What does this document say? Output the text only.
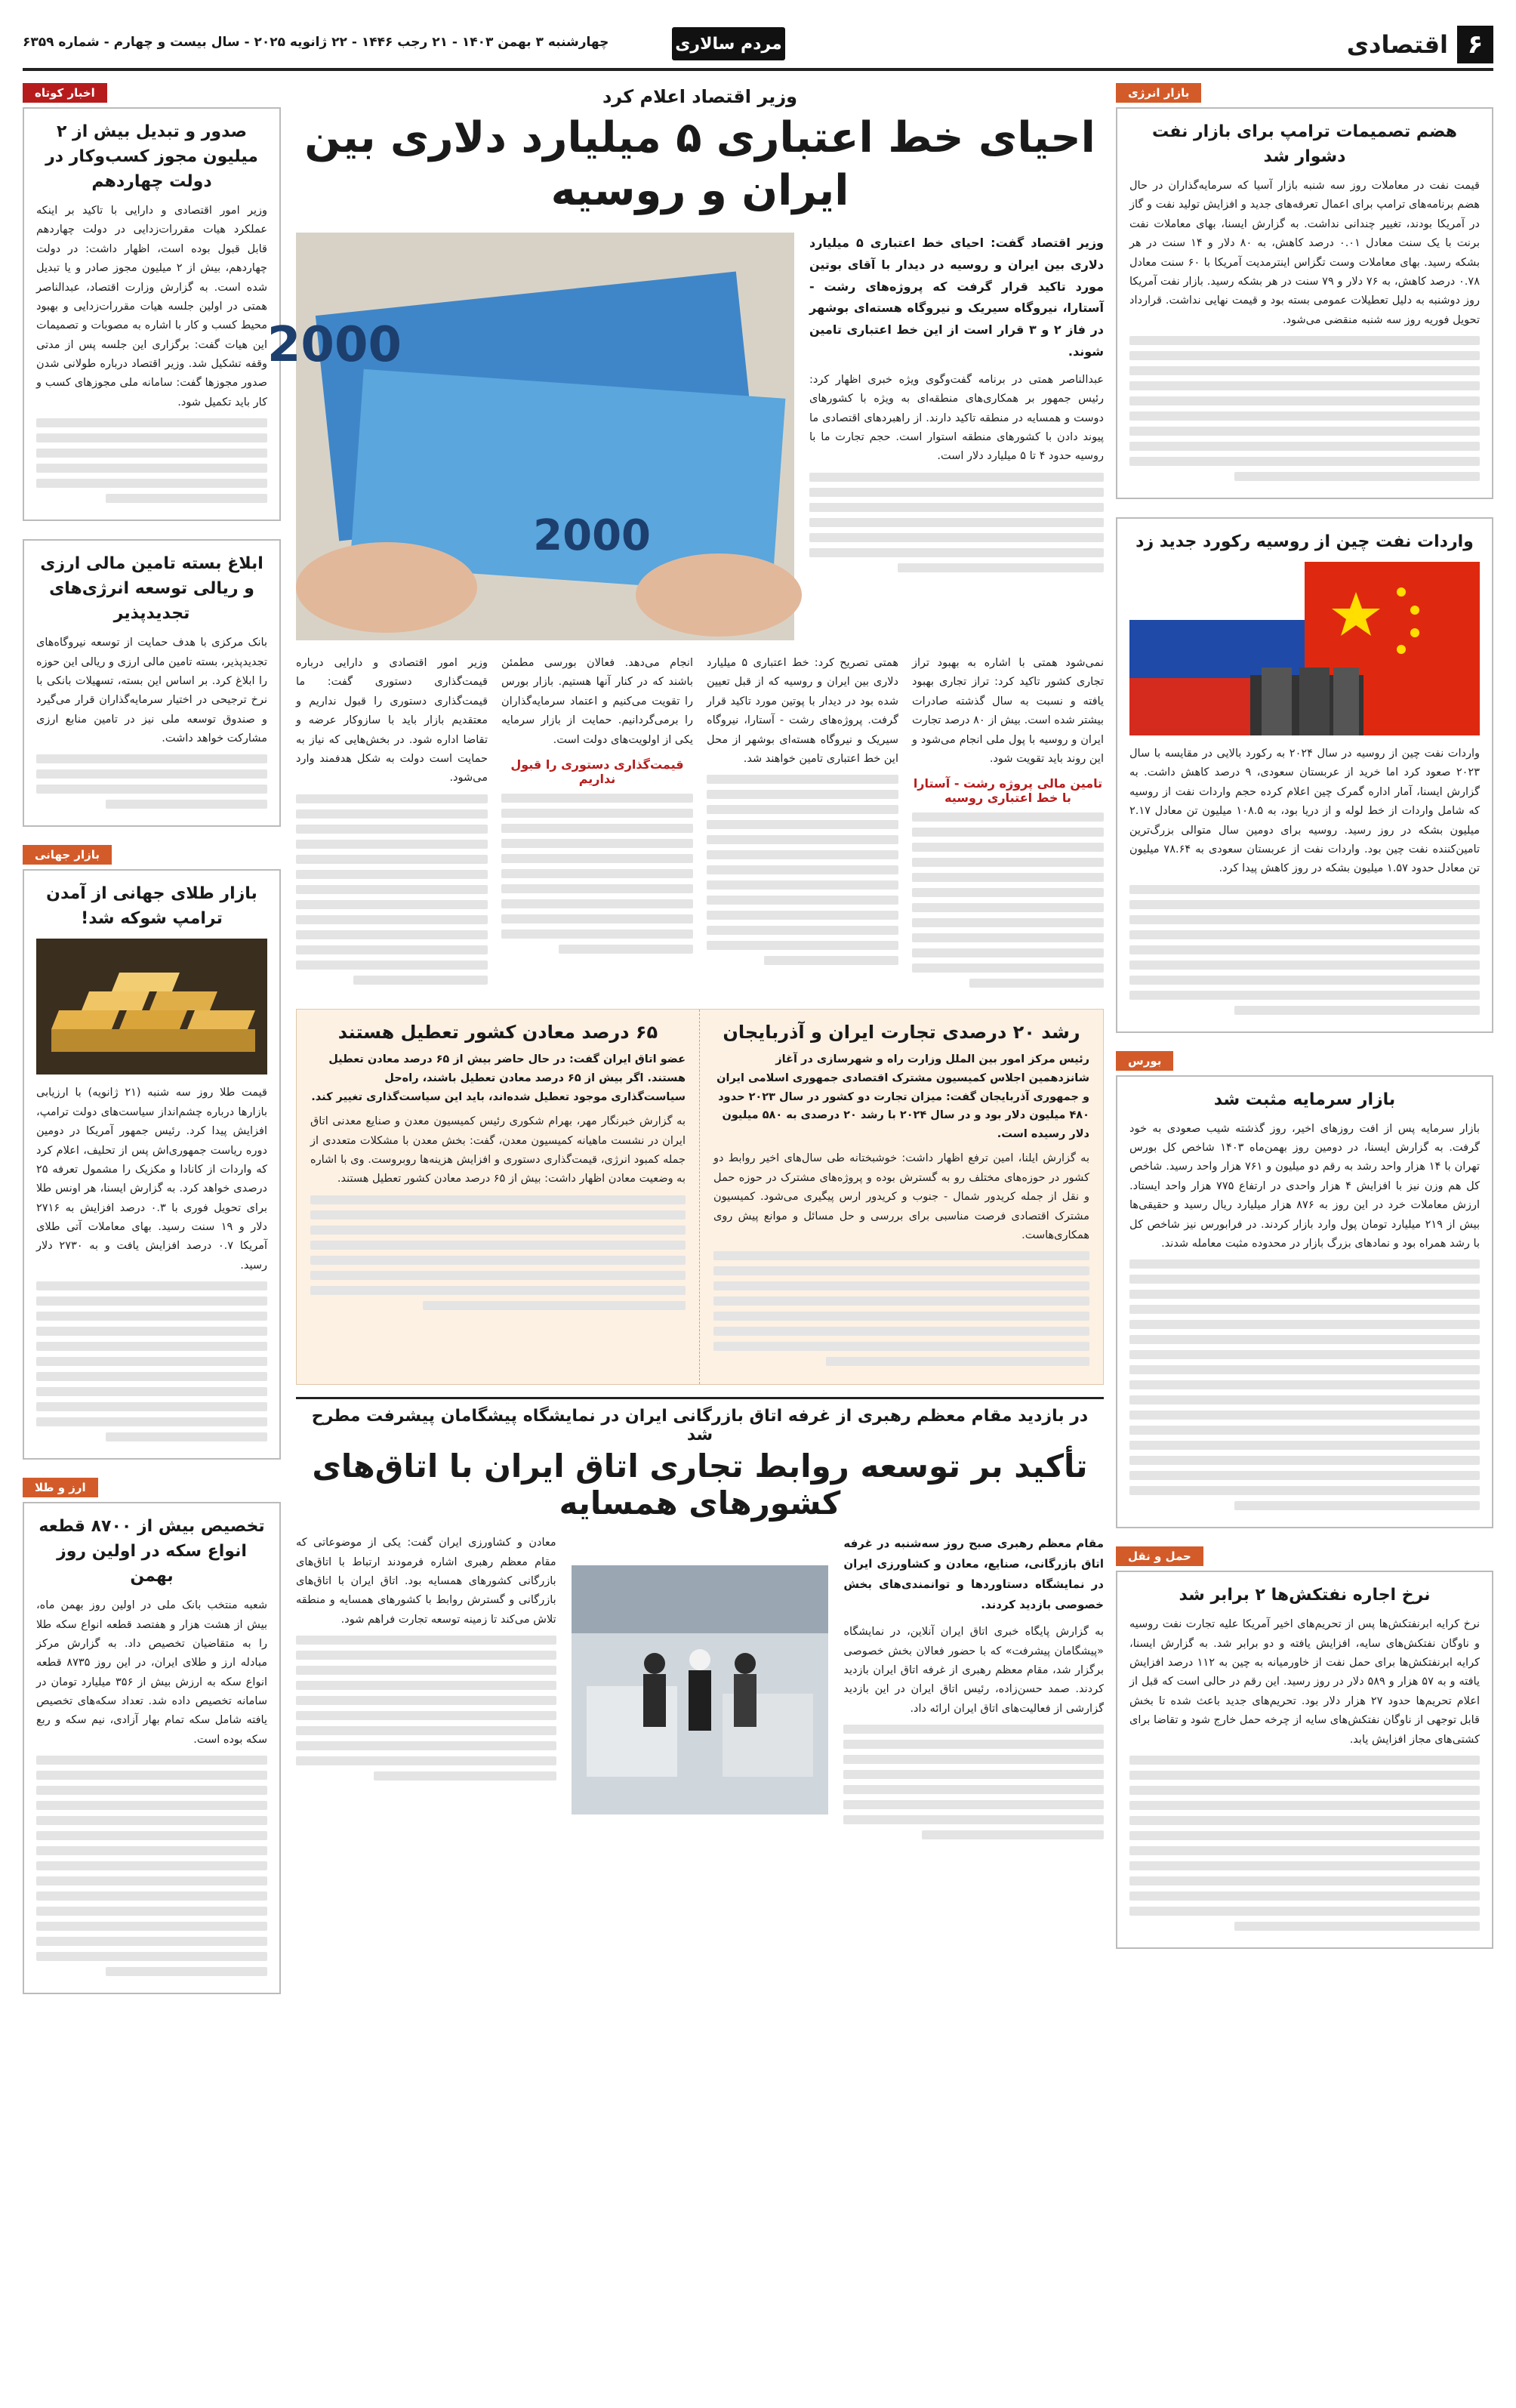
۶
اقتصادی
مردم سالاری
چهارشنبه ۳ بهمن ۱۴۰۳ - ۲۱ رجب ۱۴۴۶ - ۲۲ ژانویه ۲۰۲۵ - سال بیست و چهارم - شماره ۶۳۵۹
بازار انرژی
هضم تصمیمات ترامپ برای بازار نفت دشوار شد
قیمت نفت در معاملات روز سه شنبه بازار آسیا که سرمایه‌گذاران در حال هضم برنامه‌های ترامپ برای اعمال تعرفه‌های جدید و افزایش تولید نفت و گاز در آمریکا بودند، تغییر چندانی نداشت. به گزارش ایسنا، بهای معاملات نفت برنت با یک سنت معادل ۰.۰۱ درصد کاهش، به ۸۰ دلار و ۱۴ سنت در هر بشکه رسید. بهای معاملات وست تگزاس اینترمدیت آمریکا با ۶۰ سنت معادل ۰.۷۸ درصد کاهش، به ۷۶ دلار و ۷۹ سنت در هر بشکه رسید. بازار نفت آمریکا روز دوشنبه به دلیل تعطیلات عمومی بسته بود و قیمت نهایی نداشت. قرارداد تحویل فوریه روز سه شنبه منقضی می‌شود.
واردات نفت چین از روسیه رکورد جدید زد
واردات نفت چین از روسیه در سال ۲۰۲۴ به رکورد بالایی در مقایسه با سال ۲۰۲۳ صعود کرد اما خرید از عربستان سعودی، ۹ درصد کاهش داشت. به گزارش ایسنا، آمار اداره گمرک چین اعلام کرده حجم واردات نفت از روسیه که شامل واردات از خط لوله و از دریا بود، به ۱۰۸.۵ میلیون تن معادل ۲.۱۷ میلیون بشکه در روز رسید. روسیه برای دومین سال متوالی بزرگ‌ترین تامین‌کننده نفت چین بود. واردات نفت از عربستان سعودی به ۷۸.۶۴ میلیون تن معادل حدود ۱.۵۷ میلیون بشکه در روز کاهش پیدا کرد.
بورس
بازار سرمایه مثبت شد
بازار سرمایه پس از افت روزهای اخیر، روز گذشته شیب صعودی به خود گرفت. به گزارش ایسنا، در دومین روز بهمن‌ماه ۱۴۰۳ شاخص کل بورس تهران با ۱۴ هزار واحد رشد به رقم دو میلیون و ۷۶۱ هزار واحد رسید. شاخص کل هم وزن نیز با افزایش ۴ هزار واحدی در ارتفاع ۷۷۵ هزار واحد ایستاد. ارزش معاملات خرد در این روز به ۸۷۶ هزار میلیارد ریال رسید و حقیقی‌ها بیش از ۲۱۹ میلیارد تومان پول وارد بازار کردند. در فرابورس نیز شاخص کل با رشد همراه بود و نمادهای بزرگ بازار در محدوده مثبت معامله شدند.
حمل و نقل
نرخ اجاره نفتکش‌ها ۲ برابر شد
نرخ کرایه ابرنفتکش‌ها پس از تحریم‌های اخیر آمریکا علیه تجارت نفت روسیه و ناوگان نفتکش‌های سایه، افزایش یافته و دو برابر شد. به گزارش ایسنا، کرایه ابرنفتکش‌ها برای حمل نفت از خاورمیانه به چین به ۱۱۲ درصد افزایش یافته و به ۵۷ هزار و ۵۸۹ دلار در روز رسید. این رقم در حالی است که قبل از اعلام تحریم‌ها حدود ۲۷ هزار دلار بود. تحریم‌های جدید باعث شده تا بخش قابل توجهی از ناوگان نفتکش‌های سایه از چرخه حمل خارج شود و تقاضا برای کشتی‌های مجاز افزایش یابد.
اخبار کوتاه
صدور و تبدیل بیش از ۲ میلیون مجوز کسب‌وکار در دولت چهاردهم
وزیر امور اقتصادی و دارایی با تاکید بر اینکه عملکرد هیات مقررات‌زدایی در دولت چهاردهم قابل قبول بوده است، اظهار داشت: در دولت چهاردهم، بیش از ۲ میلیون مجوز صادر و یا تبدیل شده است. به گزارش وزارت اقتصاد، عبدالناصر همتی در اولین جلسه هیات مقررات‌زدایی و بهبود محیط کسب و کار با اشاره به مصوبات و تصمیمات این هیات گفت: برگزاری این جلسه پس از مدتی وقفه تشکیل شد. وزیر اقتصاد درباره طولانی شدن صدور مجوزها گفت: سامانه ملی مجوزهای کسب و کار باید تکمیل شود.
ابلاغ بسته تامین مالی ارزی و ریالی توسعه انرژی‌های تجدیدپذیر
بانک مرکزی با هدف حمایت از توسعه نیروگاه‌های تجدیدپذیر، بسته تامین مالی ارزی و ریالی این حوزه را ابلاغ کرد. بر اساس این بسته، تسهیلات بانکی با نرخ ترجیحی در اختیار سرمایه‌گذاران قرار می‌گیرد و صندوق توسعه ملی نیز در تامین منابع ارزی مشارکت خواهد داشت.
بازار جهانی
بازار طلای جهانی از آمدن ترامپ شوکه شد!
قیمت طلا روز سه شنبه (۲۱ ژانویه) با ارزیابی بازارها درباره چشم‌انداز سیاست‌های دولت ترامپ، افزایش پیدا کرد. رئیس جمهور آمریکا در دومین دوره ریاست جمهوری‌اش پس از تحلیف، اعلام کرد که واردات از کانادا و مکزیک را مشمول تعرفه ۲۵ درصدی خواهد کرد. به گزارش ایسنا، هر اونس طلا برای تحویل فوری با ۰.۳ درصد افزایش به ۲۷۱۶ دلار و ۱۹ سنت رسید. بهای معاملات آتی طلای آمریکا ۰.۷ درصد افزایش یافت و به ۲۷۳۰ دلار رسید.
ارز و طلا
تخصیص بیش از ۸۷۰۰ قطعه انواع سکه در اولین روز بهمن
شعبه منتخب بانک ملی در اولین روز بهمن ماه، بیش از هشت هزار و هفتصد قطعه انواع سکه طلا را به متقاضیان تخصیص داد. به گزارش مرکز مبادله ارز و طلای ایران، در این روز ۸۷۳۵ قطعه انواع سکه به ارزش بیش از ۳۵۶ میلیارد تومان در سامانه تخصیص داده شد. تعداد سکه‌های تخصیص یافته شامل سکه تمام بهار آزادی، نیم سکه و ربع سکه بوده است.
وزیر اقتصاد اعلام کرد
احیای خط اعتباری ۵ میلیارد دلاری بین ایران و روسیه
وزیر اقتصاد گفت: احیای خط اعتباری ۵ میلیارد دلاری بین ایران و روسیه در دیدار با آقای بوتین مورد تاکید قرار گرفت که پروژه‌های رشت - آستارا، نیروگاه سیریک و نیروگاه هسته‌ای بوشهر در فاز ۲ و ۳ قرار است از این خط اعتباری تامین شوند.
عبدالناصر همتی در برنامه گفت‌وگوی ویژه خبری اظهار کرد: رئیس جمهور بر همکاری‌های منطقه‌ای به ویژه با کشورهای دوست و همسایه در منطقه تاکید دارند. از راهبردهای اقتصادی ما پیوند دادن با کشورهای منطقه استوار است. حجم تجارت ما با روسیه حدود ۴ تا ۵ میلیارد دلار است.
2000
2000
نمی‌شود همتی با اشاره به بهبود تراز تجاری کشور تاکید کرد: تراز تجاری بهبود یافته و نسبت به سال گذشته صادرات بیشتر شده است. بیش از ۸۰ درصد تجارت ایران و روسیه با پول ملی انجام می‌شود و این روند باید تقویت شود.
تامین مالی پروژه رشت - آستارا با خط اعتباری روسیه
همتی تصریح کرد: خط اعتباری ۵ میلیارد دلاری بین ایران و روسیه که از قبل تعیین شده بود در دیدار با پوتین مورد تاکید قرار گرفت. پروژه‌های رشت - آستارا، نیروگاه سیریک و نیروگاه هسته‌ای بوشهر از محل این خط اعتباری تامین خواهند شد.
انجام می‌دهد. فعالان بورسی مطمئن باشند که در کنار آنها هستیم. بازار بورس را تقویت می‌کنیم و اعتماد سرمایه‌گذاران را برمی‌گردانیم. حمایت از بازار سرمایه یکی از اولویت‌های دولت است.
قیمت‌گذاری دستوری را قبول نداریم
وزیر امور اقتصادی و دارایی درباره قیمت‌گذاری دستوری گفت: ما قیمت‌گذاری دستوری را قبول نداریم و معتقدیم بازار باید با سازوکار عرضه و تقاضا اداره شود. در بخش‌هایی که نیاز به حمایت است دولت به شکل هدفمند وارد می‌شود.
رشد ۲۰ درصدی تجارت ایران و آذربایجان
رئیس مرکز امور بین الملل وزارت راه و شهرسازی در آغاز شانزدهمین اجلاس کمیسیون مشترک اقتصادی جمهوری اسلامی ایران و جمهوری آذربایجان گفت: میزان تجارت دو کشور در سال ۲۰۲۳ حدود ۴۸۰ میلیون دلار بود و در سال ۲۰۲۴ با رشد ۲۰ درصدی به ۵۸۰ میلیون دلار رسیده است.
به گزارش ایلنا، امین ترفع اظهار داشت: خوشبختانه طی سال‌های اخیر روابط دو کشور در حوزه‌های مختلف رو به گسترش بوده و پروژه‌های مشترک در حوزه حمل و نقل از جمله کریدور شمال - جنوب و کریدور ارس پیگیری می‌شود. کمیسیون مشترک اقتصادی فرصت مناسبی برای بررسی و حل مسائل و موانع پیش روی همکاری‌هاست.
۶۵ درصد معادن کشور تعطیل هستند
عضو اتاق ایران گفت: در حال حاضر بیش از ۶۵ درصد معادن تعطیل هستند. اگر بیش از ۶۵ درصد معادن تعطیل باشند، راه‌حل سیاست‌گذاری موجود تعطیل شده‌اند، باید این سیاست‌گذاری تغییر کند.
به گزارش خبرنگار مهر، بهرام شکوری رئیس کمیسیون معدن و صنایع معدنی اتاق ایران در نشست ماهیانه کمیسیون معدن، گفت: بخش معدن با مشکلات متعددی از جمله کمبود انرژی، قیمت‌گذاری دستوری و افزایش هزینه‌ها روبروست. وی با اشاره به وضعیت معادن اظهار داشت: بیش از ۶۵ درصد معادن کشور تعطیل هستند.
در بازدید مقام معظم رهبری از غرفه اتاق بازرگانی ایران در نمایشگاه پیشگامان پیشرفت مطرح شد
تأکید بر توسعه روابط تجاری اتاق ایران با اتاق‌های کشورهای همسایه
مقام معظم رهبری صبح روز سه‌شنبه در غرفه اتاق بازرگانی، صنایع، معادن و کشاورزی ایران در نمایشگاه دستاوردها و توانمندی‌های بخش خصوصی بازدید کردند.
به گزارش پایگاه خبری اتاق ایران آنلاین، در نمایشگاه «پیشگامان پیشرفت» که با حضور فعالان بخش خصوصی برگزار شد، مقام معظم رهبری از غرفه اتاق ایران بازدید کردند. صمد حسن‌زاده، رئیس اتاق ایران در این بازدید گزارشی از فعالیت‌های اتاق ایران ارائه داد.
معادن و کشاورزی ایران گفت: یکی از موضوعاتی که مقام معظم رهبری اشاره فرمودند ارتباط با اتاق‌های بازرگانی کشورهای همسایه بود. اتاق ایران با اتاق‌های بازرگانی و گسترش روابط با کشورهای همسایه و منطقه تلاش می‌کند تا زمینه توسعه تجارت فراهم شود.
